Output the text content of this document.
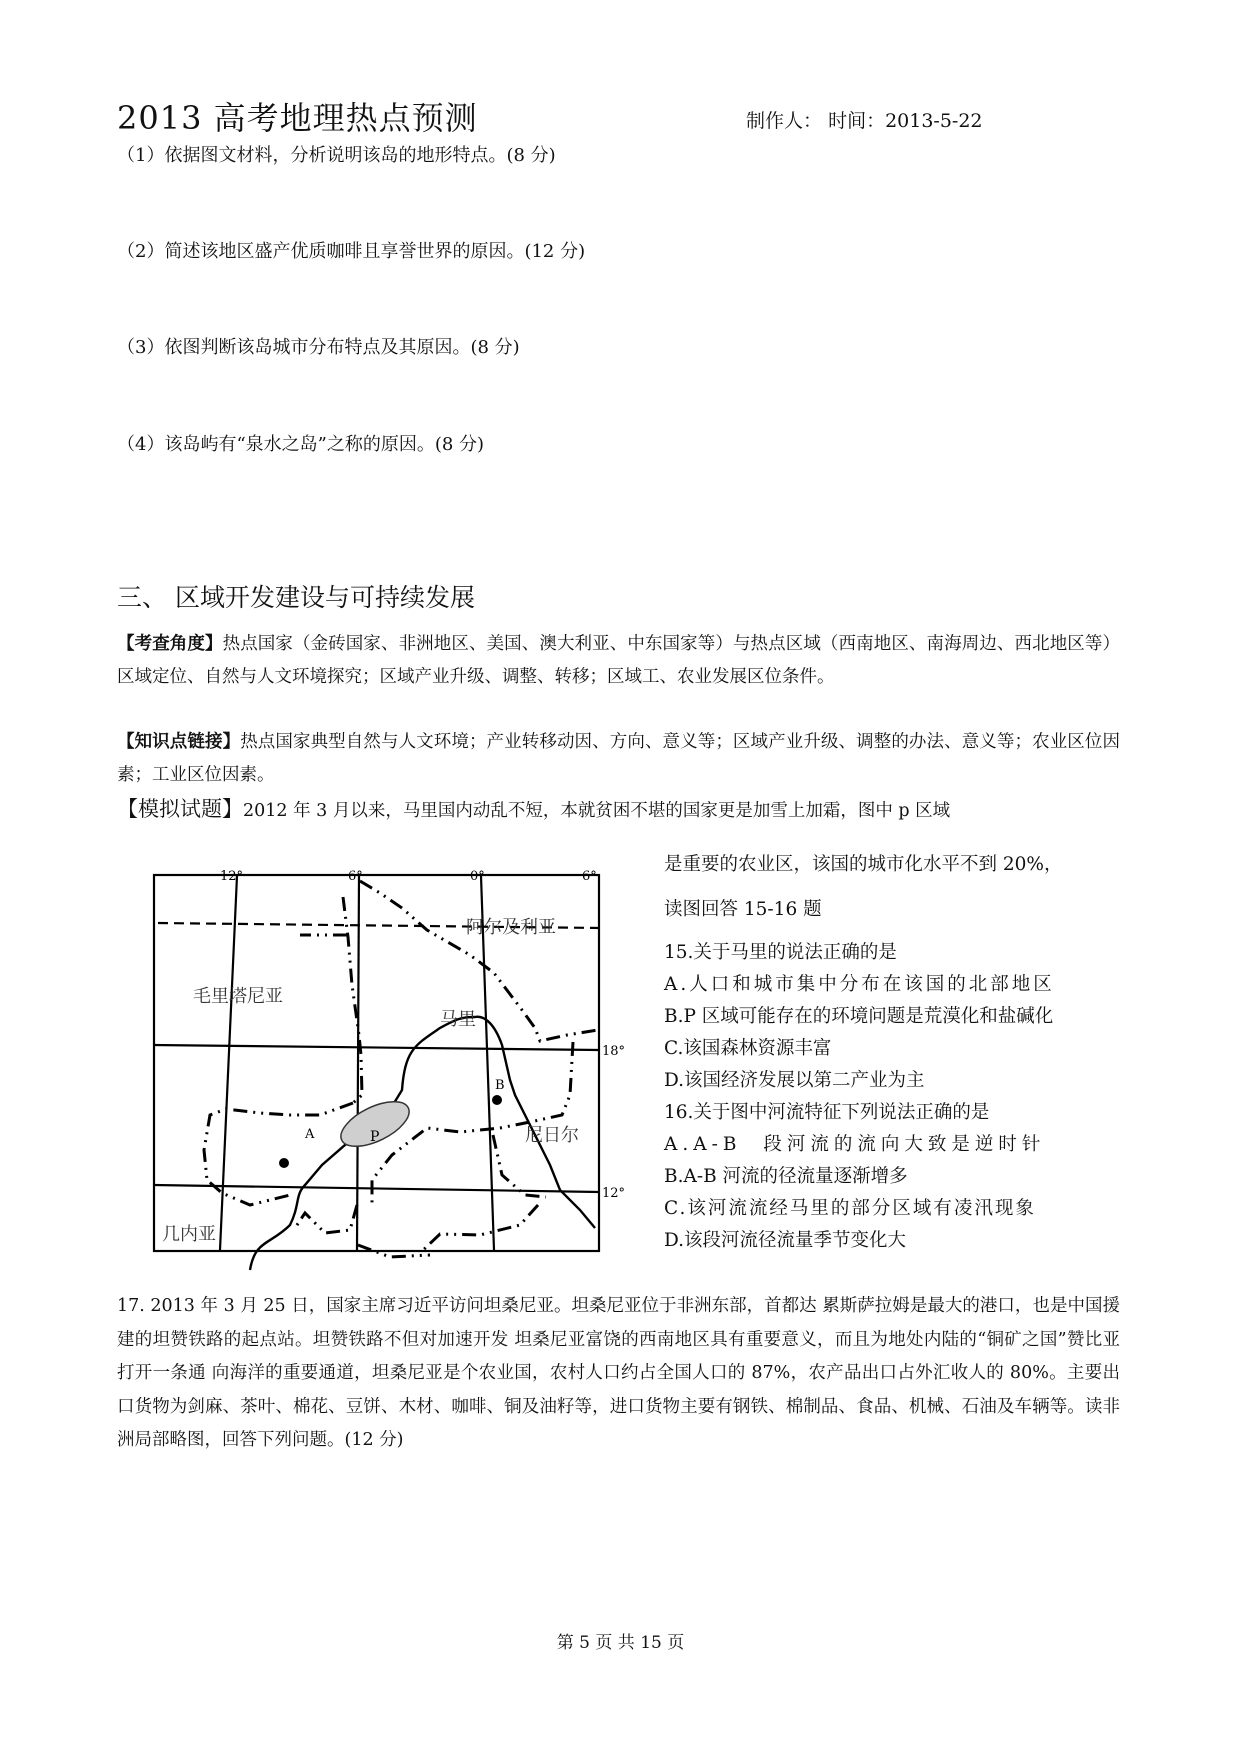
2013 高考地理热点预测	制作人： 时间：2013-5-22
（1）依据图文材料，分析说明该岛的地形特点。(8 分)
（2）简述该地区盛产优质咖啡且享誉世界的原因。(12 分)
（3）依图判断该岛城市分布特点及其原因。(8 分)
（4）该岛屿有“泉水之岛”之称的原因。(8 分)
三、 区域开发建设与可持续发展
【考查角度】热点国家（金砖国家、非洲地区、美国、澳大利亚、中东国家等）与热点区域（西南地区、南海周边、西北地区等）区域定位、自然与人文环境探究；区域产业升级、调整、转移；区域工、农业发展区位条件。
【知识点链接】热点国家典型自然与人文环境；产业转移动因、方向、意义等；区域产业升级、调整的办法、意义等；农业区位因素；工业区位因素。
【模拟试题】2012 年 3 月以来，马里国内动乱不短，本就贫困不堪的国家更是加雪上加霜，图中 p 区域
12°	6°	0°	6°
18°
12°
阿尔及利亚
毛里塔尼亚
马里
尼日尔
几内亚
A
B
P
是重要的农业区，该国的城市化水平不到 20%，
读图回答 15-16 题
15.关于马里的说法正确的是
A.人口和城市集中分布在该国的北部地区
B.P 区域可能存在的环境问题是荒漠化和盐碱化
C.该国森林资源丰富
D.该国经济发展以第二产业为主
16.关于图中河流特征下列说法正确的是
A.A-B 段河流的流向大致是逆时针
B.A-B 河流的径流量逐渐增多
C.该河流流经马里的部分区域有凌汛现象
D.该段河流径流量季节变化大
17. 2013 年 3 月 25 日，国家主席习近平访问坦桑尼亚。坦桑尼亚位于非洲东部，首都达 累斯萨拉姆是最大的港口，也是中国援建的坦赞铁路的起点站。坦赞铁路不但对加速开发 坦桑尼亚富饶的西南地区具有重要意义，而且为地处内陆的“铜矿之国”赞比亚打开一条通 向海洋的重要通道，坦桑尼亚是个农业国，农村人口约占全国人口的 87%，农产品出口占外汇收人的 80%。主要出口货物为剑麻、茶叶、棉花、豆饼、木材、咖啡、铜及油籽等，进口货物主要有钢铁、棉制品、食品、机械、石油及车辆等。读非洲局部略图，回答下列问题。(12 分)
第 5 页 共 15 页
